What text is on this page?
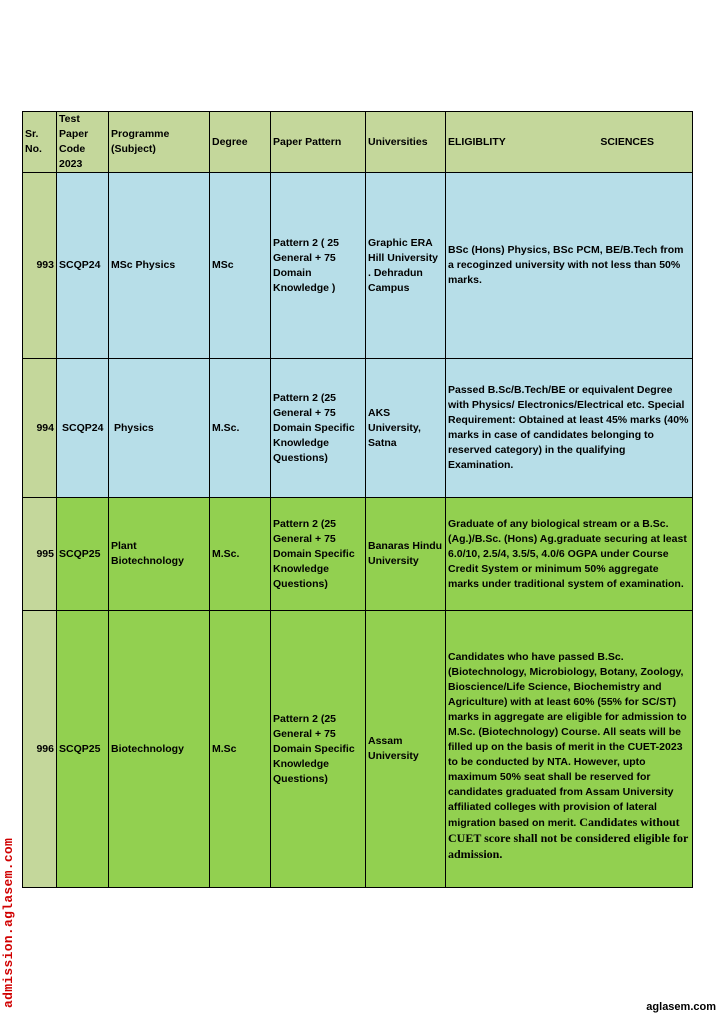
Sr. No.	Test Paper Code 2023	Programme (Subject)	Degree	Paper Pattern	Universities	ELIGIBLITY SCIENCES

993	SCQP24	MSc Physics	MSc	Pattern 2 ( 25 General + 75 Domain Knowledge )	Graphic ERA Hill University . Dehradun Campus	BSc (Hons) Physics, BSc PCM, BE/B.Tech from a recoginzed university with not less than 50% marks.
994	SCQP24	Physics	M.Sc.	Pattern 2 (25 General + 75 Domain Specific Knowledge Questions)	AKS University, Satna	Passed B.Sc/B.Tech/BE or equivalent Degree with Physics/ Electronics/Electrical etc. Special Requirement: Obtained at least 45% marks (40% marks in case of candidates belonging to reserved category) in the qualifying Examination.
995	SCQP25	Plant Biotechnology	M.Sc.	Pattern 2 (25 General + 75 Domain Specific Knowledge Questions)	Banaras Hindu University	Graduate of any biological stream or a B.Sc.(Ag.)/B.Sc. (Hons) Ag.graduate securing at least 6.0/10, 2.5/4, 3.5/5, 4.0/6 OGPA under Course Credit System or minimum 50% aggregate marks under traditional system of examination.
996	SCQP25	Biotechnology	M.Sc	Pattern 2 (25 General + 75 Domain Specific Knowledge Questions)	Assam University	Candidates who have passed B.Sc. (Biotechnology, Microbiology, Botany, Zoology, Bioscience/Life Science, Biochemistry and Agriculture) with at least 60% (55% for SC/ST) marks in aggregate are eligible for admission to M.Sc. (Biotechnology) Course. All seats will be filled up on the basis of merit in the CUET-2023 to be conducted by NTA. However, upto maximum 50% seat shall be reserved for candidates graduated from Assam University affiliated colleges with provision of lateral migration based on merit. Candidates without CUET score shall not be considered eligible for admission.
admission.aglasem.com	aglasem.com
